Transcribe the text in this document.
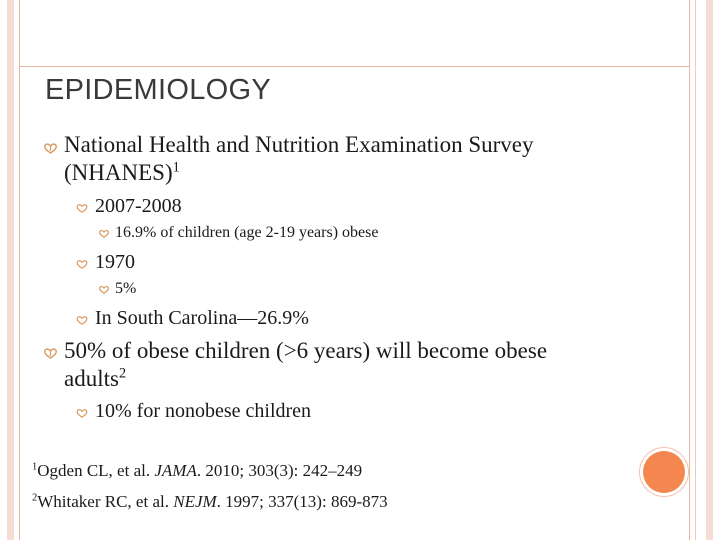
EPIDEMIOLOGY
National Health and Nutrition Examination Survey
(NHANES)$^1$
2007-2008
16.9% of children (age 2-19 years) obese
1970
5%
In South Carolina—26.9%
50% of obese children (>6 years) will become obese
adults$^2$
10% for nonobese children
$^1$Ogden CL, et al. JAMA. 2010; 303(3): 242–249
$^2$Whitaker RC, et al. NEJM. 1997; 337(13): 869-873
